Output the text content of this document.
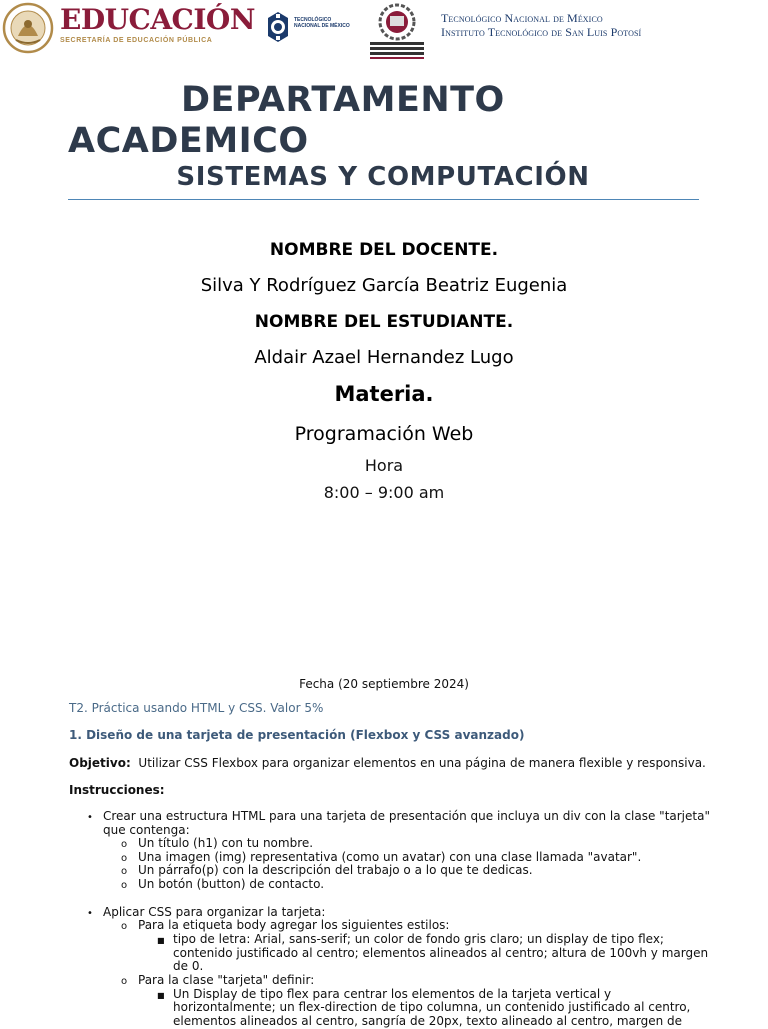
EDUCACIÓN
SECRETARÍA DE EDUCACIÓN PÚBLICA
TECNOLÓGICO
NACIONAL DE MÉXICO
Tecnológico Nacional de México
Instituto Tecnológico de San Luis Potosí
DEPARTAMENTO ACADEMICO
SISTEMAS Y COMPUTACIÓN
NOMBRE DEL DOCENTE.
Silva Y Rodríguez García Beatriz Eugenia
NOMBRE DEL ESTUDIANTE.
Aldair Azael Hernandez Lugo
Materia.
Programación Web
Hora
8:00 – 9:00 am
Fecha (20 septiembre 2024)
T2. Práctica usando HTML y CSS. Valor 5%
1. Diseño de una tarjeta de presentación (Flexbox y CSS avanzado)
Objetivo: Utilizar CSS Flexbox para organizar elementos en una página de manera flexible y responsiva.
Instrucciones:
• Crear una estructura HTML para una tarjeta de presentación que incluya un div con la clase "tarjeta"
que contenga:
o Un título (h1) con tu nombre.
o Una imagen (img) representativa (como un avatar) con una clase llamada "avatar".
o Un párrafo(p) con la descripción del trabajo o a lo que te dedicas.
o Un botón (button) de contacto.
• Aplicar CSS para organizar la tarjeta:
o Para la etiqueta body agregar los siguientes estilos:
■ tipo de letra: Arial, sans-serif; un color de fondo gris claro; un display de tipo flex;
contenido justificado al centro; elementos alineados al centro; altura de 100vh y margen
de 0.
o Para la clase "tarjeta" definir:
■ Un Display de tipo flex para centrar los elementos de la tarjeta vertical y
horizontalmente; un flex-direction de tipo columna, un contenido justificado al centro,
elementos alineados al centro, sangría de 20px, texto alineado al centro, margen de
